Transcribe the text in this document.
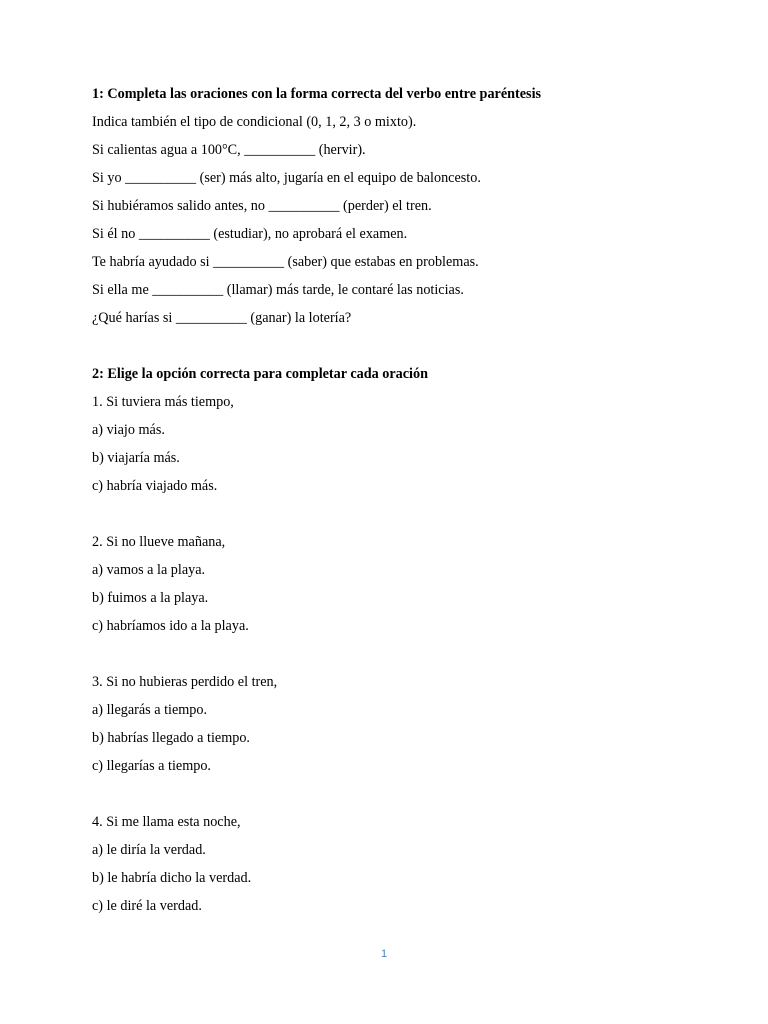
1: Completa las oraciones con la forma correcta del verbo entre paréntesis
Indica también el tipo de condicional (0, 1, 2, 3 o mixto).
Si calientas agua a 100°C, __________ (hervir).
Si yo __________ (ser) más alto, jugaría en el equipo de baloncesto.
Si hubiéramos salido antes, no __________ (perder) el tren.
Si él no __________ (estudiar), no aprobará el examen.
Te habría ayudado si __________ (saber) que estabas en problemas.
Si ella me __________ (llamar) más tarde, le contaré las noticias.
¿Qué harías si __________ (ganar) la lotería?
2: Elige la opción correcta para completar cada oración
1. Si tuviera más tiempo,
a) viajo más.
b) viajaría más.
c) habría viajado más.
2. Si no llueve mañana,
a) vamos a la playa.
b) fuimos a la playa.
c) habríamos ido a la playa.
3. Si no hubieras perdido el tren,
a) llegarás a tiempo.
b) habrías llegado a tiempo.
c) llegarías a tiempo.
4. Si me llama esta noche,
a) le diría la verdad.
b) le habría dicho la verdad.
c) le diré la verdad.
1
